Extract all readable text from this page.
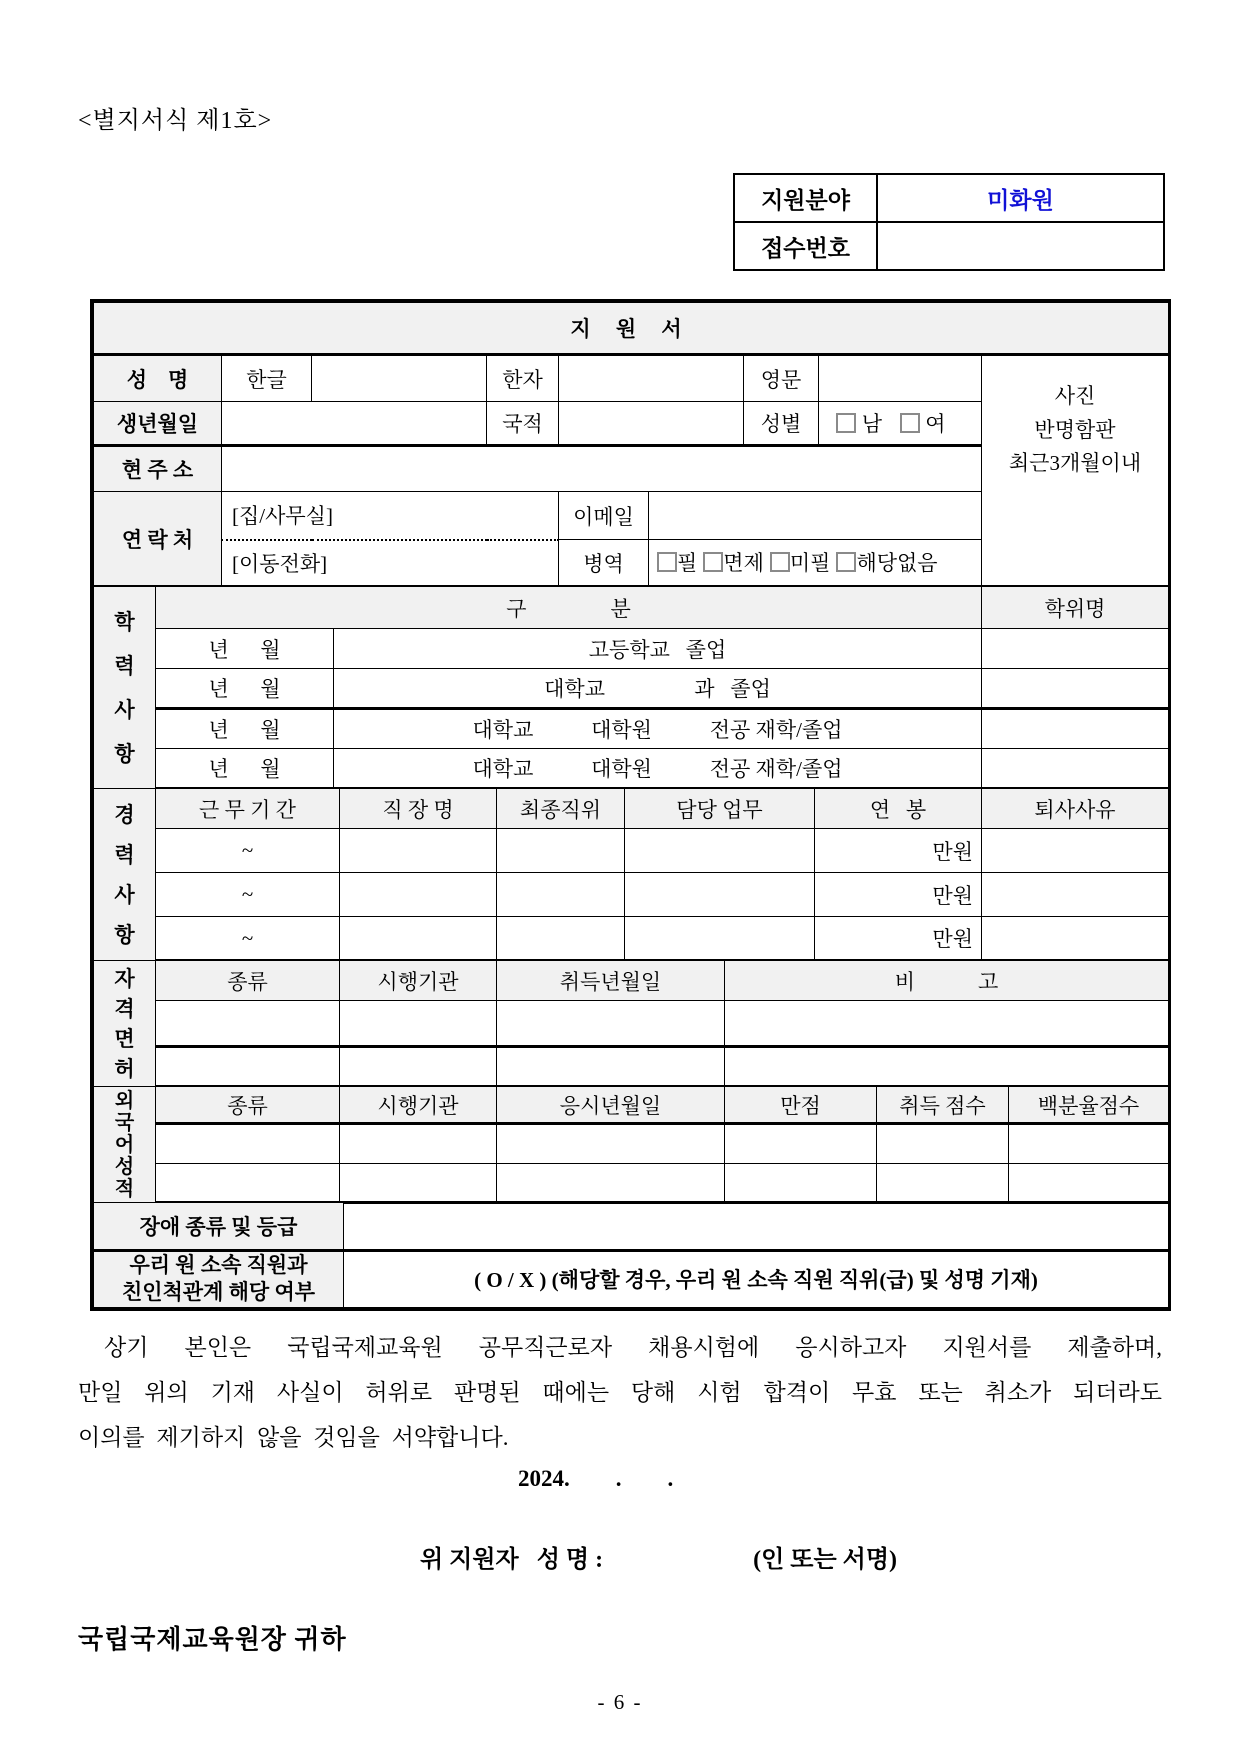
<별지서식 제1호>
지원분야	미화원
접수번호	
지 원 서								
성    명	한글		한자			영문		사진
반명함판
최근3개월이내

생년월일			국적			성별	남 여	
현 주 소								
연 락 처	[집/사무실]			이메일				
	[이동전화]			병역	필 면제 미필 해당없음			
학력사항	구                분		학위명
	년      월	고등학교   졸업	
	년      월	대학교                 과   졸업	
	년      월	대학교           대학원           전공 재학/졸업	
	년      월	대학교           대학원           전공 재학/졸업	
경력사항	근 무 기 간	직 장 명	최종직위	담당 업무	연   봉	퇴사사유
	~				만원	
	~				만원	
	~				만원	
자격면허	종류	시행기관	취득년월일	비            고

외국어성적	종류	시행기관	응시년월일	만점	취득 점수	백분율점수

장애 종류 및 등급	

우리 원 소속 직원과
친인척관계 해당 여부	( O / X ) (해당할 경우, 우리 원 소속 직원 직위(급) 및 성명 기재)
상기 본인은 국립국제교육원 공무직근로자 채용시험에 응시하고자 지원서를 제출하며,
만일 위의 기재 사실이 허위로 판명된 때에는 당해 시험 합격이 무효 또는 취소가 되더라도
이의를 제기하지 않을 것임을 서약합니다.
2024.        .        .

위 지원자   성 명 :	(인 또는 서명)

국립국제교육원장 귀하
- 6 -
